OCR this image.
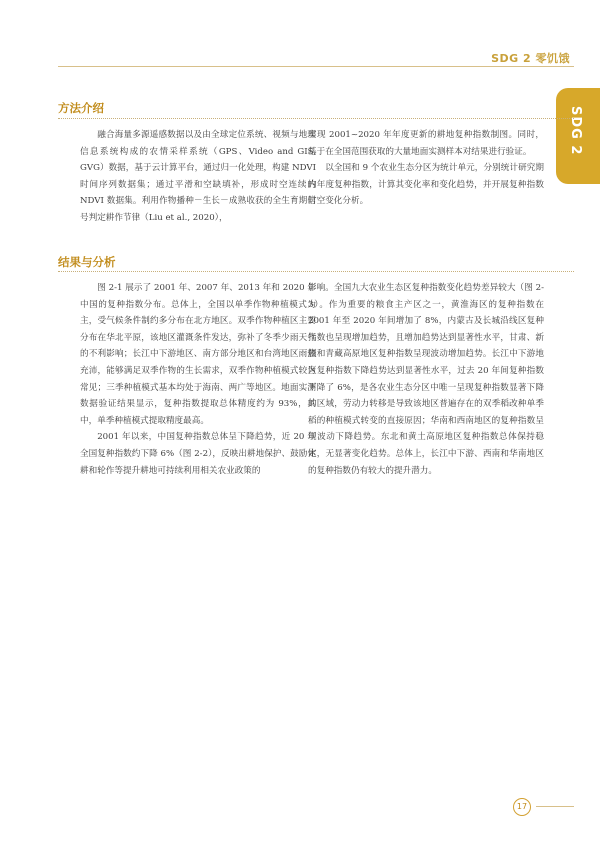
SDG 2 零饥饿
SDG 2
方法介绍

融合海量多源遥感数据以及由全球定位系统、视频与地理信息系统构成的农情采样系统（GPS、Video and GIS, GVG）数据，基于云计算平台，通过归一化处理，构建 NDVI 时间序列数据集；通过平滑和空缺填补，形成时空连续的 NDVI 数据集。利用作物播种－生长－成熟收获的全生育期信号判定耕作节律（Liu et al., 2020），

实现 2001~2020 年年度更新的耕地复种指数制图。同时，基于在全国范围获取的大量地面实测样本对结果进行验证。

以全国和 9 个农业生态分区为统计单元，分别统计研究期内年度复种指数，计算其变化率和变化趋势，并开展复种指数时空变化分析。

结果与分析

图 2-1 展示了 2001 年、2007 年、2013 年和 2020 年中国的复种指数分布。总体上，全国以单季作物种植模式为主，受气候条件制约多分布在北方地区。双季作物种植区主要分布在华北平原，该地区灌溉条件发达，弥补了冬季少雨天气的不利影响；长江中下游地区、南方部分地区和台湾地区雨热充沛，能够满足双季作物的生长需求，双季作物种植模式较为常见；三季种植模式基本均处于海南、两广等地区。地面实测数据验证结果显示，复种指数提取总体精度约为 93%，其中，单季种植模式提取精度最高。

2001 年以来，中国复种指数总体呈下降趋势，近 20 年全国复种指数约下降 6%（图 2-2），反映出耕地保护、鼓励休耕和轮作等提升耕地可持续利用相关农业政策的

影响。全国九大农业生态区复种指数变化趋势差异较大（图 2-3）。作为重要的粮食主产区之一，黄淮海区的复种指数在 2001 年至 2020 年间增加了 8%，内蒙古及长城沿线区复种指数也呈现增加趋势，且增加趋势达到显著性水平，甘肃、新疆和青藏高原地区复种指数呈现波动增加趋势。长江中下游地区复种指数下降趋势达到显著性水平，过去 20 年间复种指数下降了 6%，是各农业生态分区中唯一呈现复种指数显著下降的区域，劳动力转移是导致该地区普遍存在的双季稻改种单季稻的种植模式转变的直接原因；华南和西南地区的复种指数呈现波动下降趋势。东北和黄土高原地区复种指数总体保持稳定，无显著变化趋势。总体上，长江中下游、西南和华南地区的复种指数仍有较大的提升潜力。

17
